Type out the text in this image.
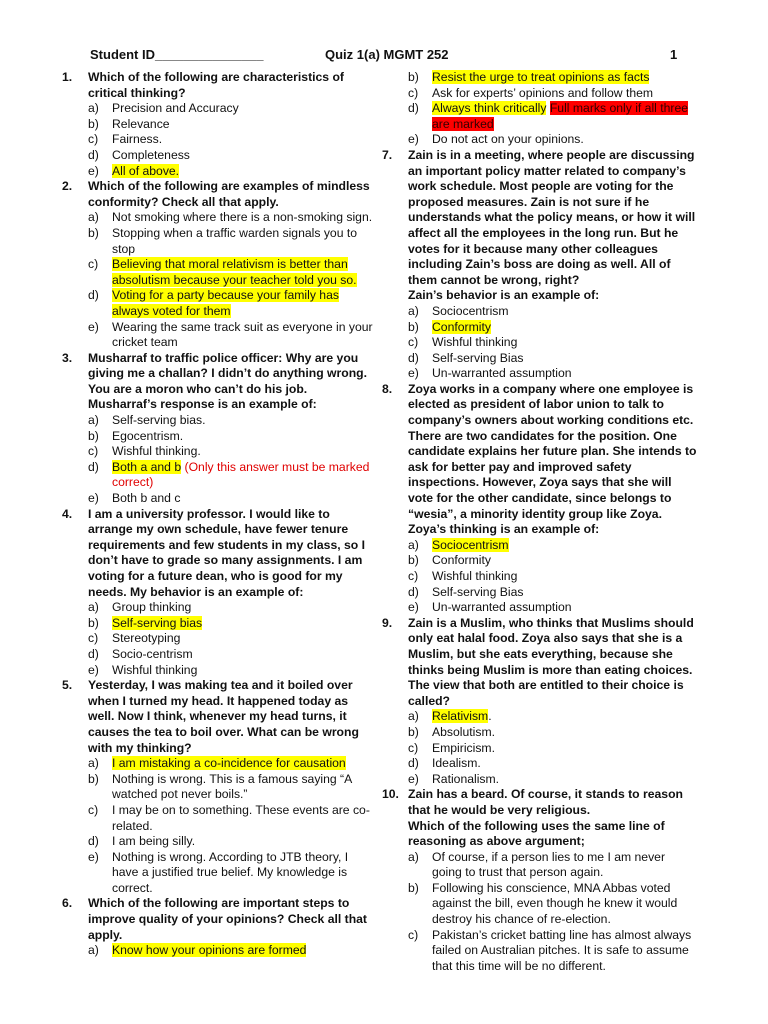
Student ID_______________	Quiz 1(a) MGMT 252	1
1. Which of the following are characteristics of critical thinking?
a) Precision and Accuracy
b) Relevance
c) Fairness.
d) Completeness
e) All of above.
2. Which of the following are examples of mindless conformity? Check all that apply.
a) Not smoking where there is a non-smoking sign.
b) Stopping when a traffic warden signals you to stop
c) Believing that moral relativism is better than absolutism because your teacher told you so.
d) Voting for a party because your family has always voted for them
e) Wearing the same track suit as everyone in your cricket team
3. Musharraf to traffic police officer: Why are you giving me a challan? I didn’t do anything wrong. You are a moron who can’t do his job. Musharraf’s response is an example of:
a) Self-serving bias.
b) Egocentrism.
c) Wishful thinking.
d) Both a and b (Only this answer must be marked correct)
e) Both b and c
4. I am a university professor. I would like to arrange my own schedule, have fewer tenure requirements and few students in my class, so I don’t have to grade so many assignments. I am voting for a future dean, who is good for my needs. My behavior is an example of:
a) Group thinking
b) Self-serving bias
c) Stereotyping
d) Socio-centrism
e) Wishful thinking
5. Yesterday, I was making tea and it boiled over when I turned my head. It happened today as well. Now I think, whenever my head turns, it causes the tea to boil over. What can be wrong with my thinking?
a) I am mistaking a co-incidence for causation
b) Nothing is wrong. This is a famous saying “A watched pot never boils.”
c) I may be on to something. These events are co-related.
d) I am being silly.
e) Nothing is wrong. According to JTB theory, I have a justified true belief. My knowledge is correct.
6. Which of the following are important steps to improve quality of your opinions? Check all that apply.
a) Know how your opinions are formed
b) Resist the urge to treat opinions as facts
c) Ask for experts’ opinions and follow them
d) Always think critically Full marks only if all three are marked
e) Do not act on your opinions.
7. Zain is in a meeting, where people are discussing an important policy matter related to company’s work schedule. Most people are voting for the proposed measures. Zain is not sure if he understands what the policy means, or how it will affect all the employees in the long run. But he votes for it because many other colleagues including Zain’s boss are doing as well. All of them cannot be wrong, right?
Zain’s behavior is an example of:
a) Sociocentrism
b) Conformity
c) Wishful thinking
d) Self-serving Bias
e) Un-warranted assumption
8. Zoya works in a company where one employee is elected as president of labor union to talk to company’s owners about working conditions etc. There are two candidates for the position. One candidate explains her future plan. She intends to ask for better pay and improved safety inspections. However, Zoya says that she will vote for the other candidate, since belongs to “wesia”, a minority identity group like Zoya. Zoya’s thinking is an example of:
a) Sociocentrism
b) Conformity
c) Wishful thinking
d) Self-serving Bias
e) Un-warranted assumption
9. Zain is a Muslim, who thinks that Muslims should only eat halal food. Zoya also says that she is a Muslim, but she eats everything, because she thinks being Muslim is more than eating choices. The view that both are entitled to their choice is called?
a) Relativism.
b) Absolutism.
c) Empiricism.
d) Idealism.
e) Rationalism.
10. Zain has a beard. Of course, it stands to reason that he would be very religious.
Which of the following uses the same line of reasoning as above argument;
a) Of course, if a person lies to me I am never going to trust that person again.
b) Following his conscience, MNA Abbas voted against the bill, even though he knew it would destroy his chance of re-election.
c) Pakistan’s cricket batting line has almost always failed on Australian pitches. It is safe to assume that this time will be no different.
